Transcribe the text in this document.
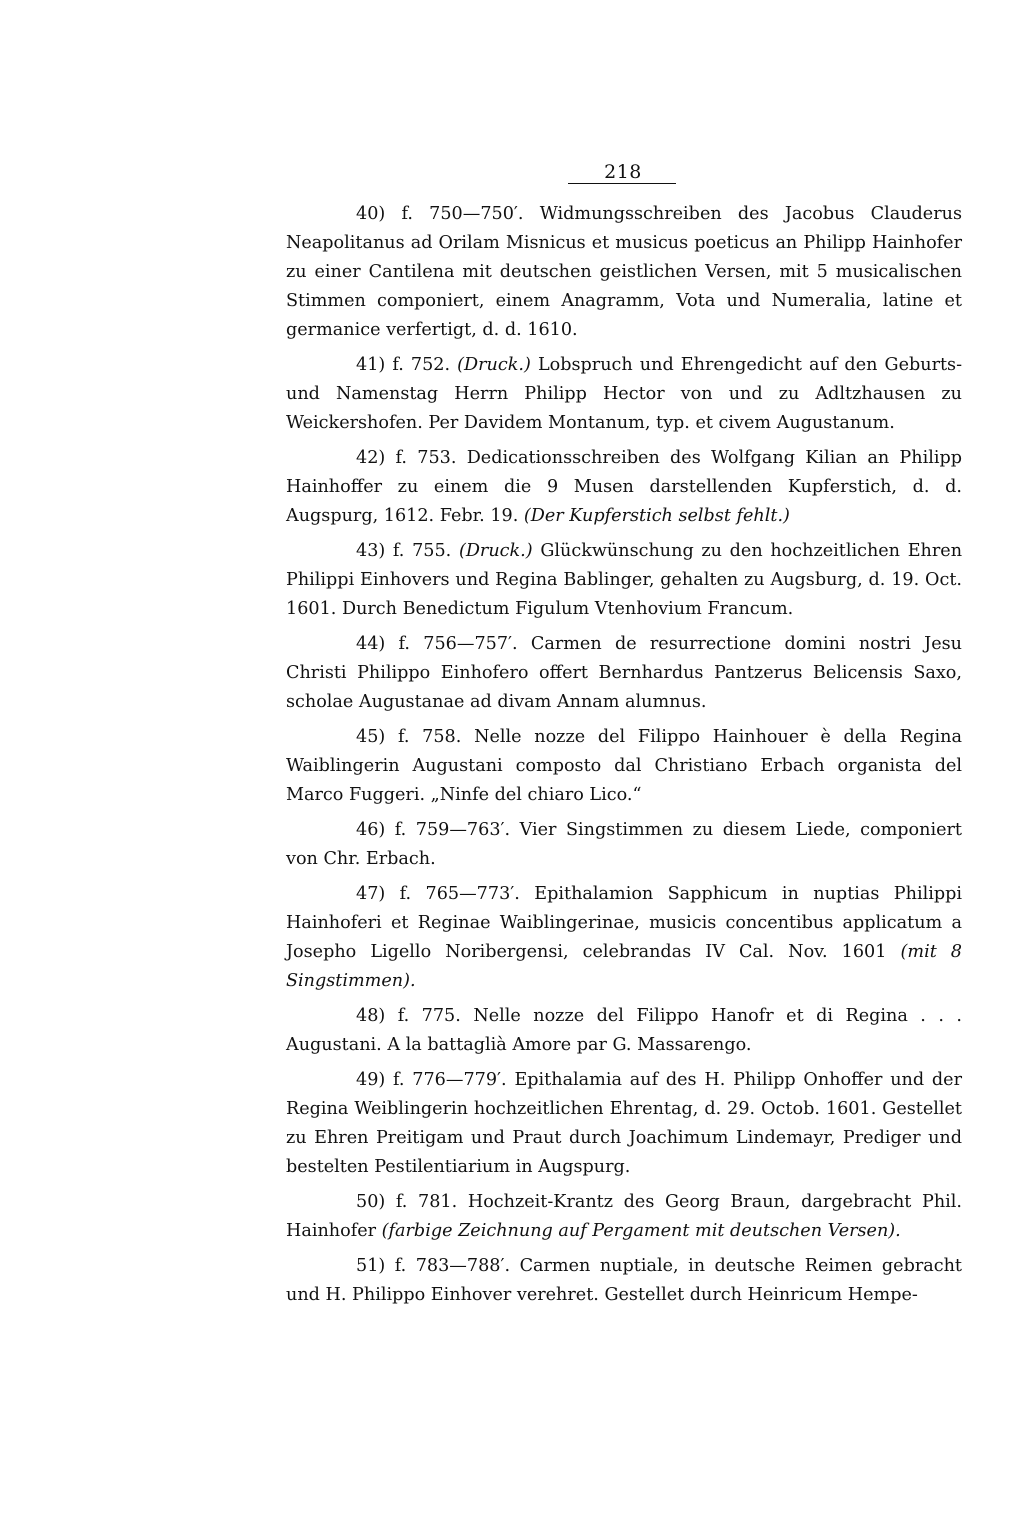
218
40) f. 750—750′. Widmungsschreiben des Jacobus Clauderus Neapolitanus ad Orilam Misnicus et musicus poeticus an Philipp Hainhofer zu einer Cantilena mit deutschen geistlichen Versen, mit 5 musicalischen Stimmen componiert, einem Anagramm, Vota und Numeralia, latine et germanice verfertigt, d. d. 1610.
41) f. 752. (Druck.) Lobspruch und Ehrengedicht auf den Geburts- und Namenstag Herrn Philipp Hector von und zu Adltzhausen zu Weickershofen. Per Davidem Montanum, typ. et civem Augustanum.
42) f. 753. Dedicationsschreiben des Wolfgang Kilian an Philipp Hainhoffer zu einem die 9 Musen darstellenden Kupferstich, d. d. Augspurg, 1612. Febr. 19. (Der Kupferstich selbst fehlt.)
43) f. 755. (Druck.) Glückwünschung zu den hochzeitlichen Ehren Philippi Einhovers und Regina Bablinger, gehalten zu Augsburg, d. 19. Oct. 1601. Durch Benedictum Figulum Vtenhovium Francum.
44) f. 756—757′. Carmen de resurrectione domini nostri Jesu Christi Philippo Einhofero offert Bernhardus Pantzerus Belicensis Saxo, scholae Augustanae ad divam Annam alumnus.
45) f. 758. Nelle nozze del Filippo Hainhouer è della Regina Waiblingerin Augustani composto dal Christiano Erbach organista del Marco Fuggeri. „Ninfe del chiaro Lico.“
46) f. 759—763′. Vier Singstimmen zu diesem Liede, componiert von Chr. Erbach.
47) f. 765—773′. Epithalamion Sapphicum in nuptias Philippi Hainhoferi et Reginae Waiblingerinae, musicis concentibus applicatum a Josepho Ligello Noribergensi, celebrandas IV Cal. Nov. 1601 (mit 8 Singstimmen).
48) f. 775. Nelle nozze del Filippo Hanofr et di Regina . . . Augustani. A la battaglià Amore par G. Massarengo.
49) f. 776—779′. Epithalamia auf des H. Philipp Onhoffer und der Regina Weiblingerin hochzeitlichen Ehrentag, d. 29. Octob. 1601. Gestellet zu Ehren Preitigam und Praut durch Joachimum Lindemayr, Prediger und bestelten Pestilentiarium in Augspurg.
50) f. 781. Hochzeit-Krantz des Georg Braun, dargebracht Phil. Hainhofer (farbige Zeichnung auf Pergament mit deutschen Versen).
51) f. 783—788′. Carmen nuptiale, in deutsche Reimen gebracht und H. Philippo Einhover verehret. Gestellet durch Heinricum Hempe-
